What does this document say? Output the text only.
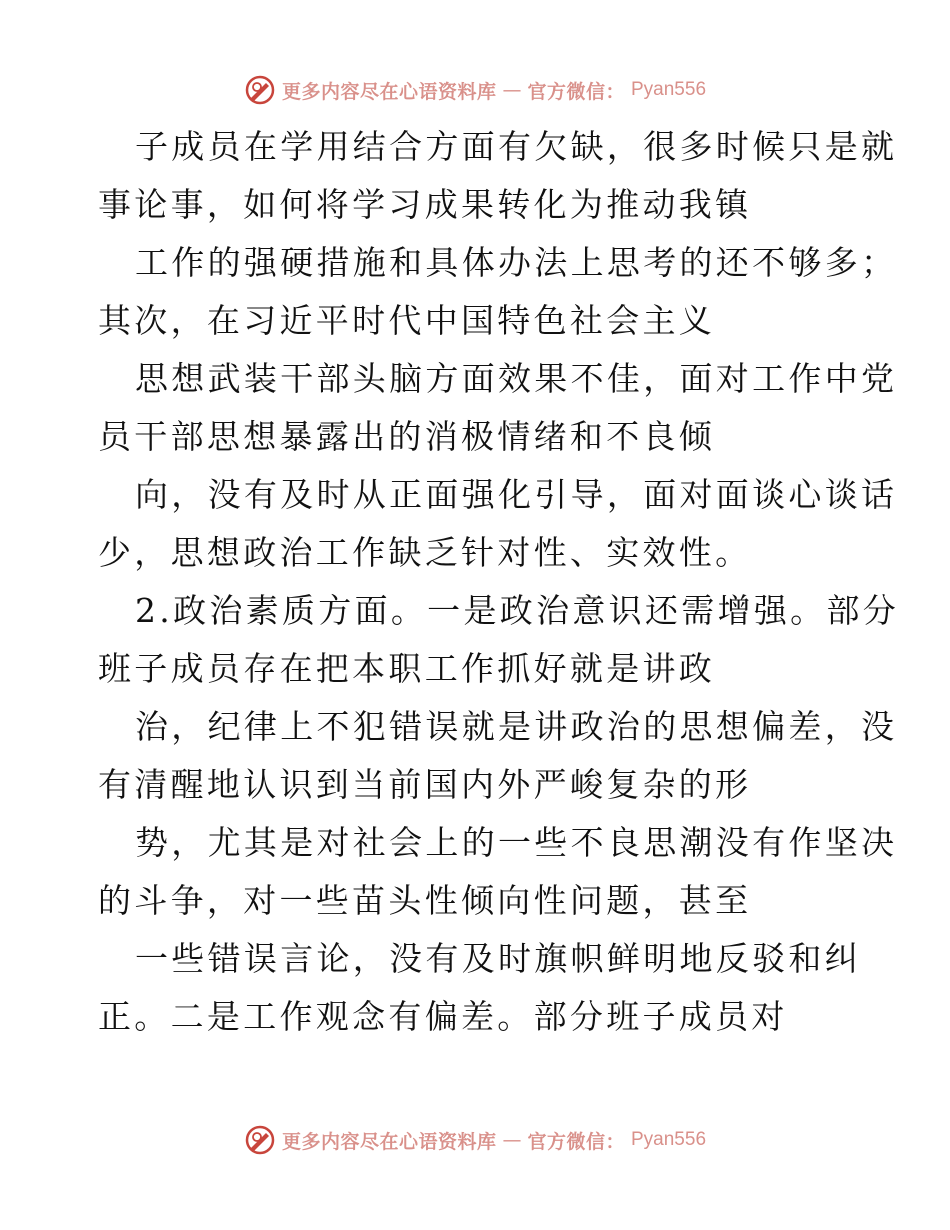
更多内容尽在心语资料库 — 官方微信： Pyan556
子成员在学用结合方面有欠缺，很多时候只是就
事论事，如何将学习成果转化为推动我镇
工作的强硬措施和具体办法上思考的还不够多；
其次，在习近平时代中国特色社会主义
思想武装干部头脑方面效果不佳，面对工作中党
员干部思想暴露出的消极情绪和不良倾
向，没有及时从正面强化引导，面对面谈心谈话
少，思想政治工作缺乏针对性、实效性。
2.政治素质方面。一是政治意识还需增强。部分
班子成员存在把本职工作抓好就是讲政
治，纪律上不犯错误就是讲政治的思想偏差，没
有清醒地认识到当前国内外严峻复杂的形
势，尤其是对社会上的一些不良思潮没有作坚决
的斗争，对一些苗头性倾向性问题，甚至
一些错误言论，没有及时旗帜鲜明地反驳和纠
正。二是工作观念有偏差。部分班子成员对
更多内容尽在心语资料库 — 官方微信： Pyan556
